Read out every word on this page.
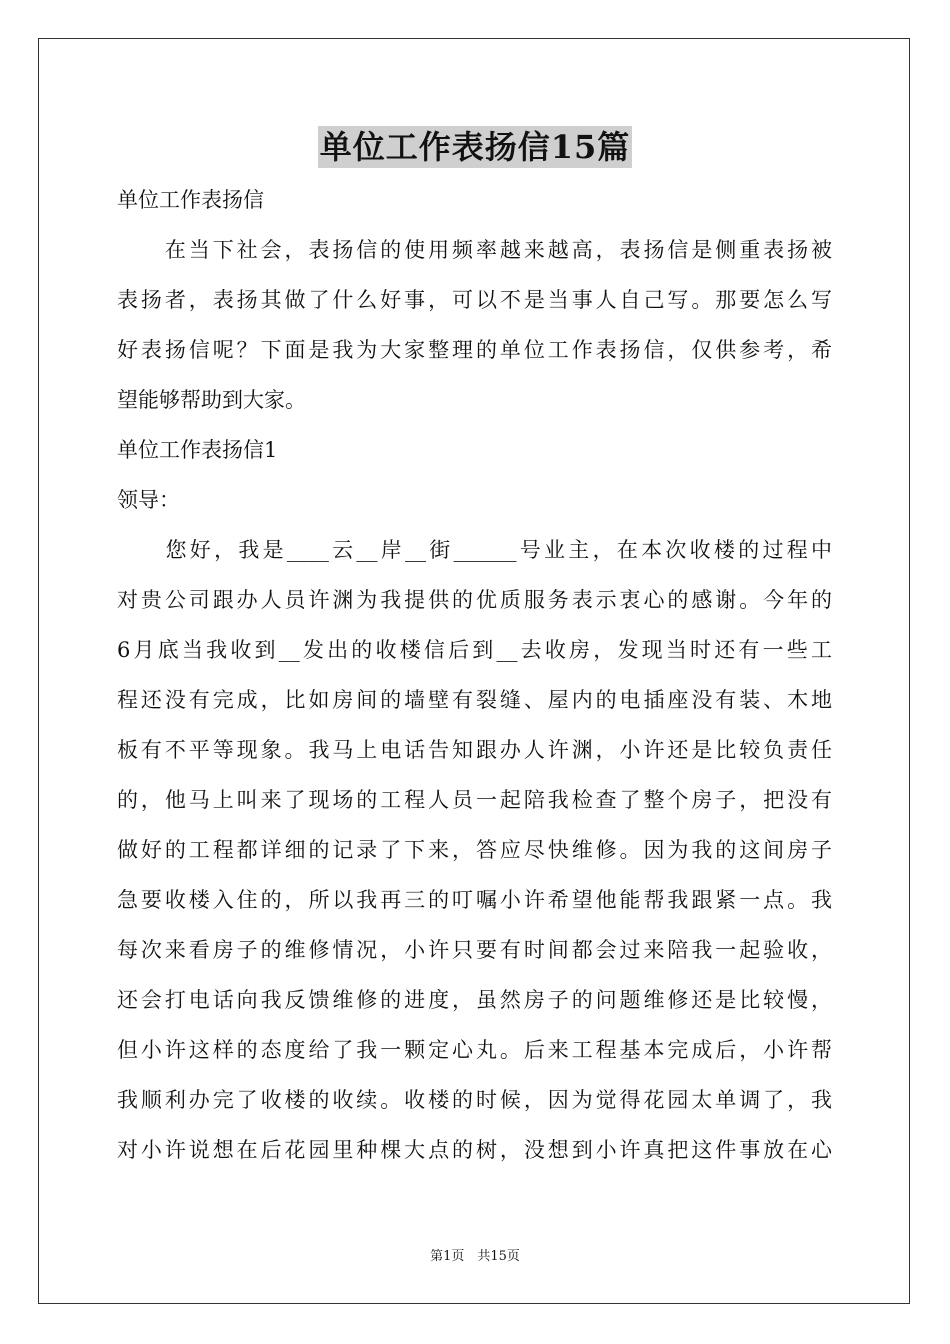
单位工作表扬信15篇
单位工作表扬信
　　在当下社会，表扬信的使用频率越来越高，表扬信是侧重表扬被
表扬者，表扬其做了什么好事，可以不是当事人自己写。那要怎么写
好表扬信呢？下面是我为大家整理的单位工作表扬信，仅供参考，希
望能够帮助到大家。
单位工作表扬信1
领导：
　　您好，我是____云__岸__街______号业主，在本次收楼的过程中
对贵公司跟办人员许渊为我提供的优质服务表示衷心的感谢。今年的
6月底当我收到__发出的收楼信后到__去收房，发现当时还有一些工
程还没有完成，比如房间的墙壁有裂缝、屋内的电插座没有装、木地
板有不平等现象。我马上电话告知跟办人许渊，小许还是比较负责任
的，他马上叫来了现场的工程人员一起陪我检查了整个房子，把没有
做好的工程都详细的记录了下来，答应尽快维修。因为我的这间房子
急要收楼入住的，所以我再三的叮嘱小许希望他能帮我跟紧一点。我
每次来看房子的维修情况，小许只要有时间都会过来陪我一起验收，
还会打电话向我反馈维修的进度，虽然房子的问题维修还是比较慢，
但小许这样的态度给了我一颗定心丸。后来工程基本完成后，小许帮
我顺利办完了收楼的收续。收楼的时候，因为觉得花园太单调了，我
对小许说想在后花园里种棵大点的树，没想到小许真把这件事放在心
第1页　共15页
